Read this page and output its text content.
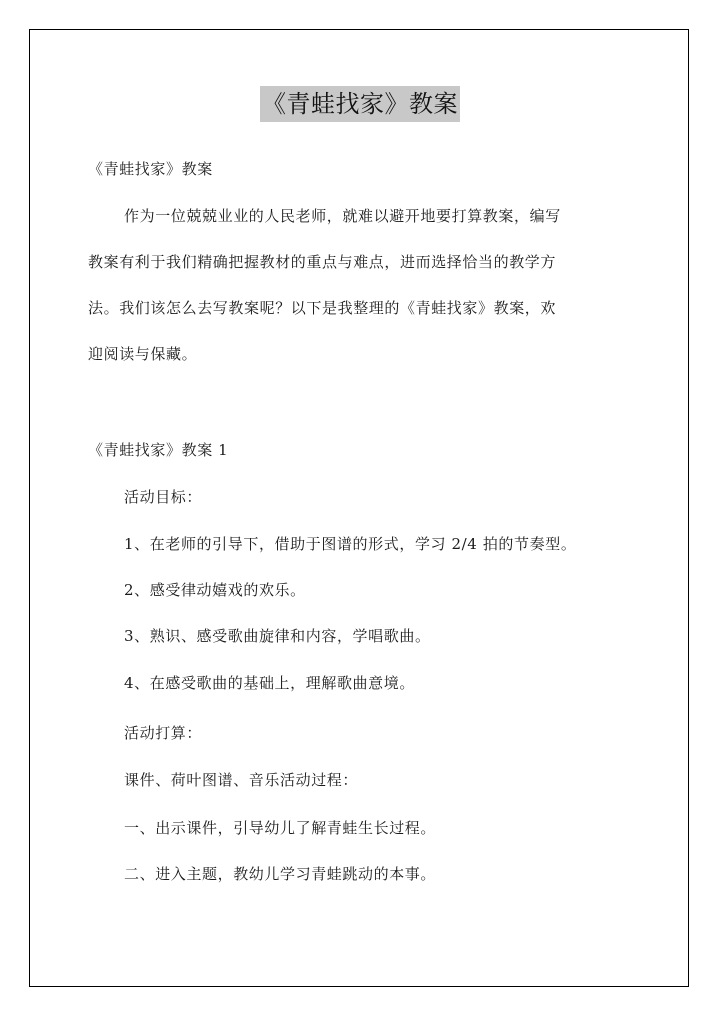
《青蛙找家》教案
《青蛙找家》教案
作为一位兢兢业业的人民老师，就难以避开地要打算教案，编写
教案有利于我们精确把握教材的重点与难点，进而选择恰当的教学方
法。我们该怎么去写教案呢？以下是我整理的《青蛙找家》教案，欢
迎阅读与保藏。
《青蛙找家》教案 1
活动目标：
1、在老师的引导下，借助于图谱的形式，学习 2/4 拍的节奏型。
2、感受律动嬉戏的欢乐。
3、熟识、感受歌曲旋律和内容，学唱歌曲。
4、在感受歌曲的基础上，理解歌曲意境。
活动打算：
课件、荷叶图谱、音乐活动过程：
一、出示课件，引导幼儿了解青蛙生长过程。
二、进入主题，教幼儿学习青蛙跳动的本事。
